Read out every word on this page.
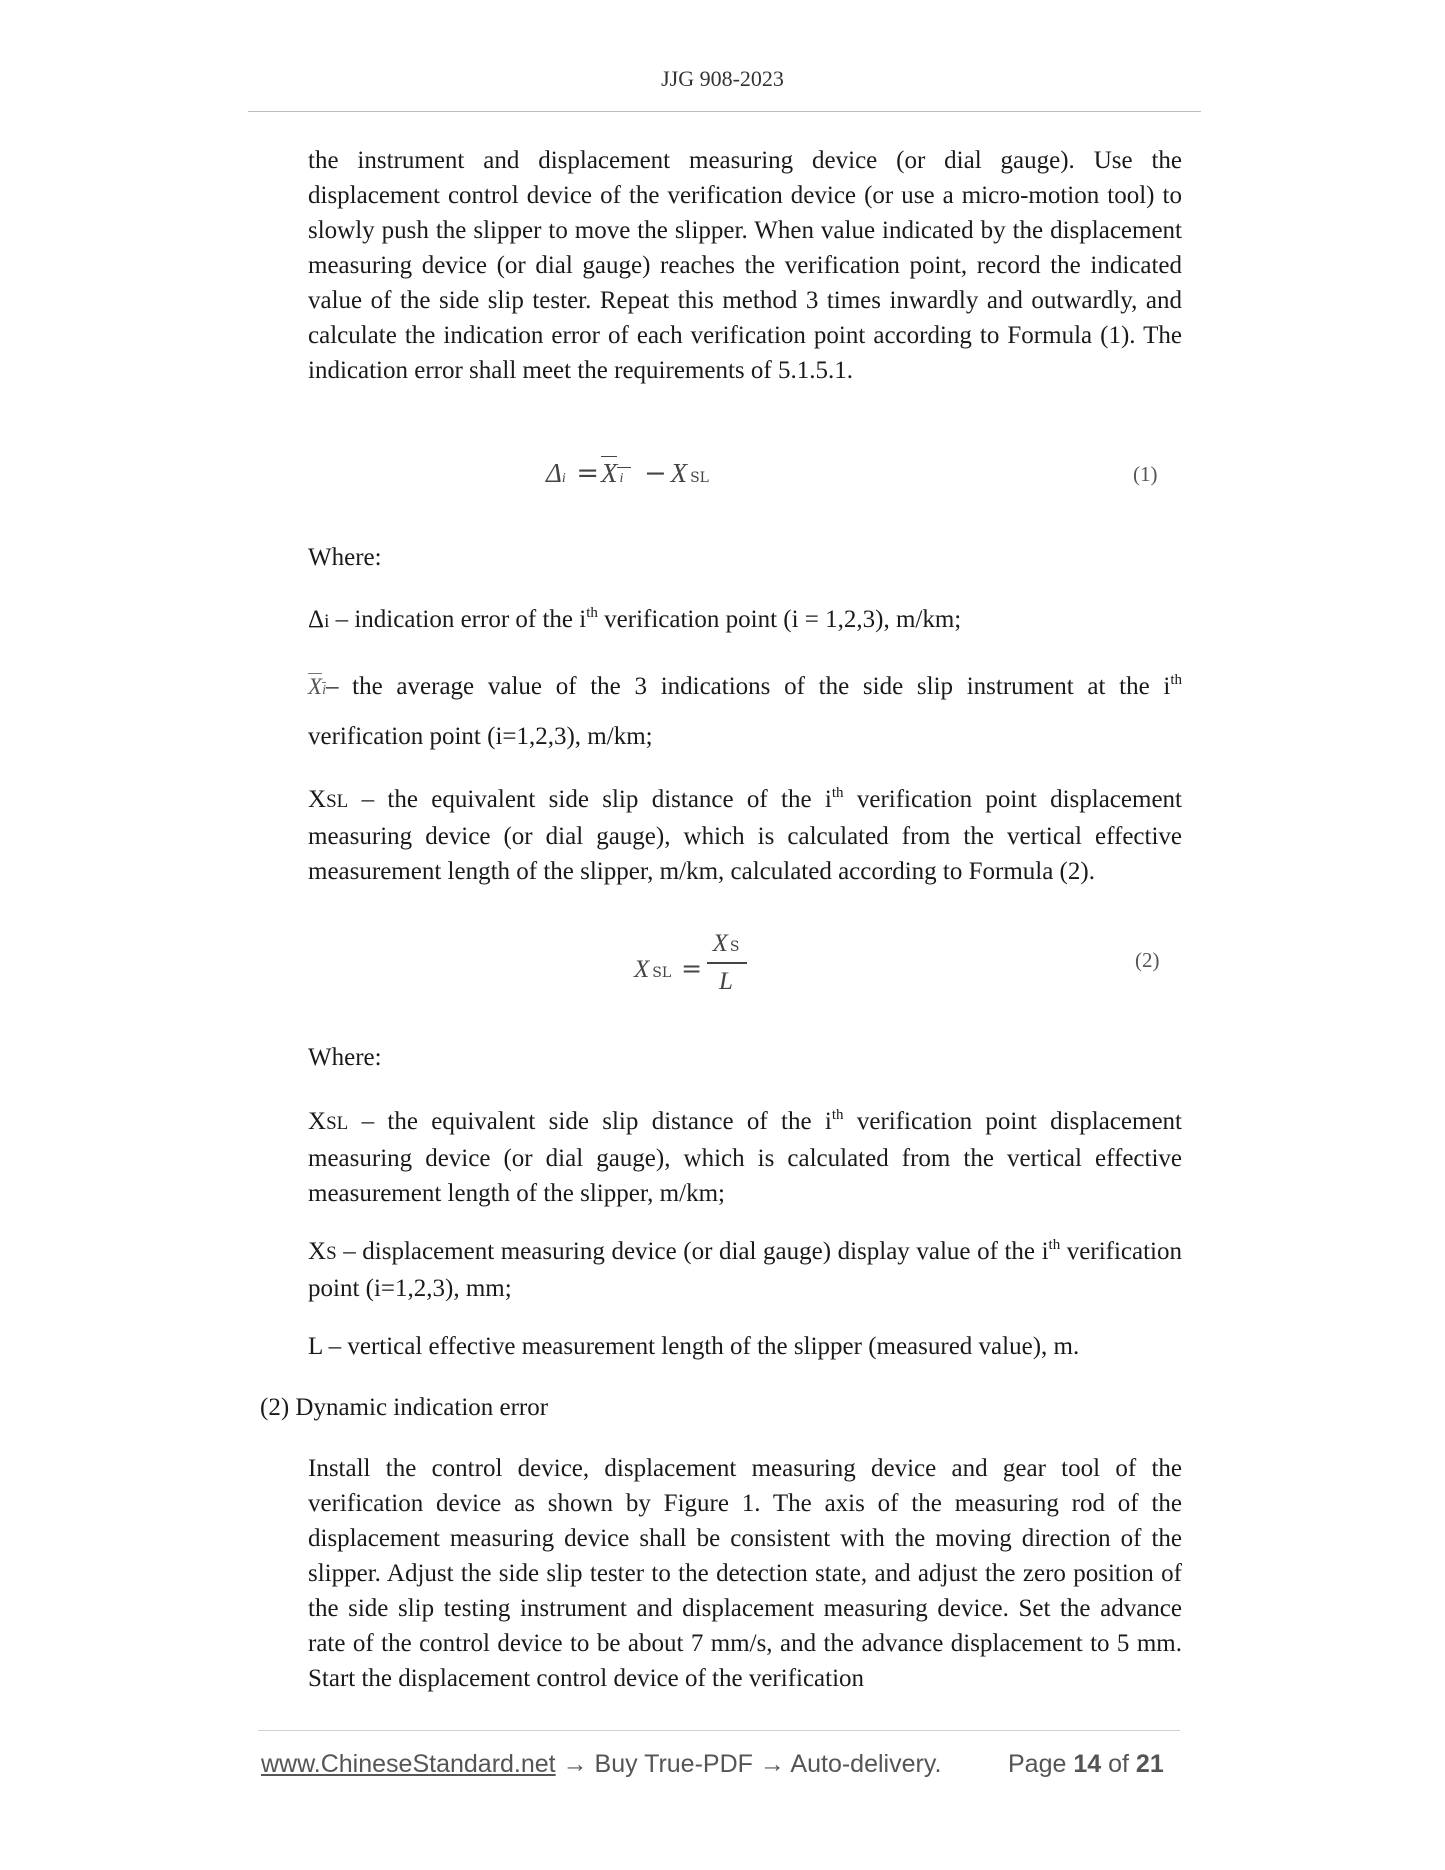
JJG 908-2023

the instrument and displacement measuring device (or dial gauge). Use the displacement control device of the verification device (or use a micro-motion tool) to slowly push the slipper to move the slipper. When value indicated by the displacement measuring device (or dial gauge) reaches the verification point, record the indicated value of the side slip tester. Repeat this method 3 times inwardly and outwardly, and calculate the indication error of each verification point according to Formula (1). The indication error shall meet the requirements of 5.1.5.1.

Δi =X i − X SL	(1)

Where:

Δi – indication error of the $i^{th}$ verification point (i = 1,2,3), m/km;

Xi– the average value of the 3 indications of the side slip instrument at the $i^{th}$

verification point (i=1,2,3), m/km;

XSL – the equivalent side slip distance of the $i^{th}$ verification point displacement measuring device (or dial gauge), which is calculated from the vertical effective measurement length of the slipper, m/km, calculated according to Formula (2).

XSL =
X S
L
(2)

Where:

XSL – the equivalent side slip distance of the $i^{th}$ verification point displacement measuring device (or dial gauge), which is calculated from the vertical effective measurement length of the slipper, m/km;

XS – displacement measuring device (or dial gauge) display value of the $i^{th}$ verification point (i=1,2,3), mm;

L – vertical effective measurement length of the slipper (measured value), m.

(2) Dynamic indication error

Install the control device, displacement measuring device and gear tool of the verification device as shown by Figure 1. The axis of the measuring rod of the displacement measuring device shall be consistent with the moving direction of the slipper. Adjust the side slip tester to the detection state, and adjust the zero position of the side slip testing instrument and displacement measuring device. Set the advance rate of the control device to be about 7 mm/s, and the advance displacement to 5 mm. Start the displacement control device of the verification

www.ChineseStandard.net → Buy True-PDF → Auto-delivery.	Page 14 of 21
